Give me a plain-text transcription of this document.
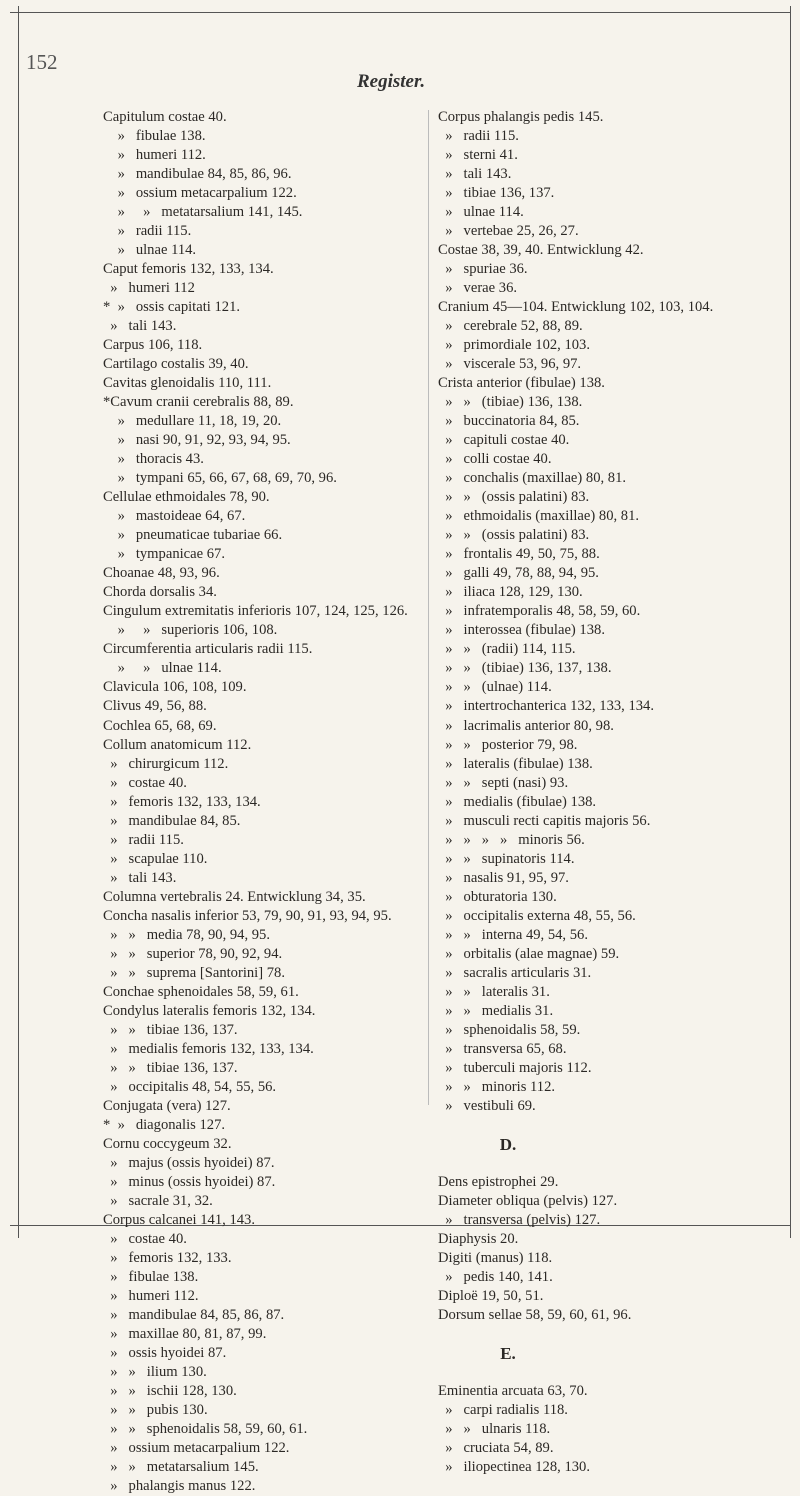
152
Register.
Capitulum costae 40.
»   fibulae 138.
»   humeri 112.
»   mandibulae 84, 85, 86, 96.
»   ossium metacarpalium 122.
»     »   metatarsalium 141, 145.
»   radii 115.
»   ulnae 114.
Caput femoris 132, 133, 134.
»   humeri 112
*  »   ossis capitati 121.
»   tali 143.
Carpus 106, 118.
Cartilago costalis 39, 40.
Cavitas glenoidalis 110, 111.
*Cavum cranii cerebralis 88, 89.
»   medullare 11, 18, 19, 20.
»   nasi 90, 91, 92, 93, 94, 95.
»   thoracis 43.
»   tympani 65, 66, 67, 68, 69, 70, 96.
Cellulae ethmoidales 78, 90.
»   mastoideae 64, 67.
»   pneumaticae tubariae 66.
»   tympanicae 67.
Choanae 48, 93, 96.
Chorda dorsalis 34.
Cingulum extremitatis inferioris 107, 124, 125, 126.
»     »   superioris 106, 108.
Circumferentia articularis radii 115.
»     »   ulnae 114.
Clavicula 106, 108, 109.
Clivus 49, 56, 88.
Cochlea 65, 68, 69.
Collum anatomicum 112.
»   chirurgicum 112.
»   costae 40.
»   femoris 132, 133, 134.
»   mandibulae 84, 85.
»   radii 115.
»   scapulae 110.
»   tali 143.
Columna vertebralis 24. Entwicklung 34, 35.
Concha nasalis inferior 53, 79, 90, 91, 93, 94, 95.
»   »   media 78, 90, 94, 95.
»   »   superior 78, 90, 92, 94.
»   »   suprema [Santorini] 78.
Conchae sphenoidales 58, 59, 61.
Condylus lateralis femoris 132, 134.
»   »   tibiae 136, 137.
»   medialis femoris 132, 133, 134.
»   »   tibiae 136, 137.
»   occipitalis 48, 54, 55, 56.
Conjugata (vera) 127.
*  »   diagonalis 127.
Cornu coccygeum 32.
»   majus (ossis hyoidei) 87.
»   minus (ossis hyoidei) 87.
»   sacrale 31, 32.
Corpus calcanei 141, 143.
»   costae 40.
»   femoris 132, 133.
»   fibulae 138.
»   humeri 112.
»   mandibulae 84, 85, 86, 87.
»   maxillae 80, 81, 87, 99.
»   ossis hyoidei 87.
»   »   ilium 130.
»   »   ischii 128, 130.
»   »   pubis 130.
»   »   sphenoidalis 58, 59, 60, 61.
»   ossium metacarpalium 122.
»   »   metatarsalium 145.
»   phalangis manus 122.
Corpus phalangis pedis 145.
»   radii 115.
»   sterni 41.
»   tali 143.
»   tibiae 136, 137.
»   ulnae 114.
»   vertebae 25, 26, 27.
Costae 38, 39, 40. Entwicklung 42.
»   spuriae 36.
»   verae 36.
Cranium 45—104. Entwicklung 102, 103, 104.
»   cerebrale 52, 88, 89.
»   primordiale 102, 103.
»   viscerale 53, 96, 97.
Crista anterior (fibulae) 138.
»   »   (tibiae) 136, 138.
»   buccinatoria 84, 85.
»   capituli costae 40.
»   colli costae 40.
»   conchalis (maxillae) 80, 81.
»   »   (ossis palatini) 83.
»   ethmoidalis (maxillae) 80, 81.
»   »   (ossis palatini) 83.
»   frontalis 49, 50, 75, 88.
»   galli 49, 78, 88, 94, 95.
»   iliaca 128, 129, 130.
»   infratemporalis 48, 58, 59, 60.
»   interossea (fibulae) 138.
»   »   (radii) 114, 115.
»   »   (tibiae) 136, 137, 138.
»   »   (ulnae) 114.
»   intertrochanterica 132, 133, 134.
»   lacrimalis anterior 80, 98.
»   »   posterior 79, 98.
»   lateralis (fibulae) 138.
»   »   septi (nasi) 93.
»   medialis (fibulae) 138.
»   musculi recti capitis majoris 56.
»   »   »   »   minoris 56.
»   »   supinatoris 114.
»   nasalis 91, 95, 97.
»   obturatoria 130.
»   occipitalis externa 48, 55, 56.
»   »   interna 49, 54, 56.
»   orbitalis (alae magnae) 59.
»   sacralis articularis 31.
»   »   lateralis 31.
»   »   medialis 31.
»   sphenoidalis 58, 59.
»   transversa 65, 68.
»   tuberculi majoris 112.
»   »   minoris 112.
»   vestibuli 69.
D.
Dens epistrophei 29.
Diameter obliqua (pelvis) 127.
»   transversa (pelvis) 127.
Diaphysis 20.
Digiti (manus) 118.
»   pedis 140, 141.
Diploë 19, 50, 51.
Dorsum sellae 58, 59, 60, 61, 96.
E.
Eminentia arcuata 63, 70.
»   carpi radialis 118.
»   »   ulnaris 118.
»   cruciata 54, 89.
»   iliopectinea 128, 130.
